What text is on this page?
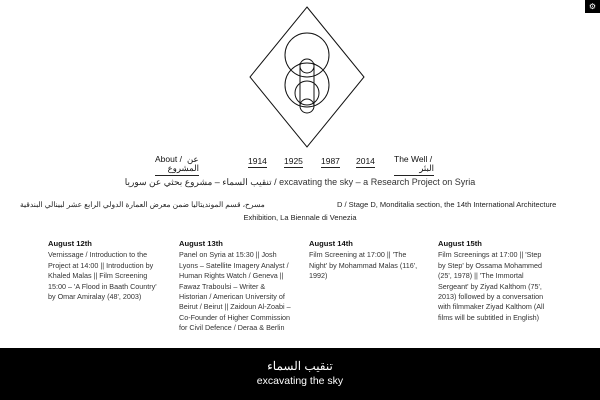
⚙
About / عن
المشروع
1914 1925 1987 2014 The Well /
البئر
تنقيب السماء – مشروع بحثي عن سوريا / excavating the sky – a Research Project on Syria
مسرح، قسم المونديتاليا ضمن معرض العمارة الدولي الرابع عشر لبينالي البندقية	D / Stage D, Monditalia section, the 14th International Architecture
Exhibition, La Biennale di Venezia
August 12th
Vernissage / Introduction to the Project at 14:00 || Introduction by Khaled Malas || Film Screening 15:00 – 'A Flood in Baath Country' by Omar Amiralay (48', 2003)
August 13th
Panel on Syria at 15:30 || Josh Lyons – Satellite Imagery Analyst / Human Rights Watch / Geneva || Fawaz Traboulsi – Writer & Historian / American University of Beirut / Beirut || Zaidoun Al-Zoabi – Co-Founder of Higher Commission for Civil Defence / Deraa & Berlin
August 14th
Film Screening at 17:00 || 'The Night' by Mohammad Malas (116', 1992)
August 15th
Film Screenings at 17:00 || 'Step by Step' by Ossama Mohammed (25', 1978) || 'The Immortal Sergeant' by Ziyad Kalthom (75', 2013) followed by a conversation with filmmaker Ziyad Kalthom (All films will be subtitled in English)
تنقيب السماء
excavating the sky
